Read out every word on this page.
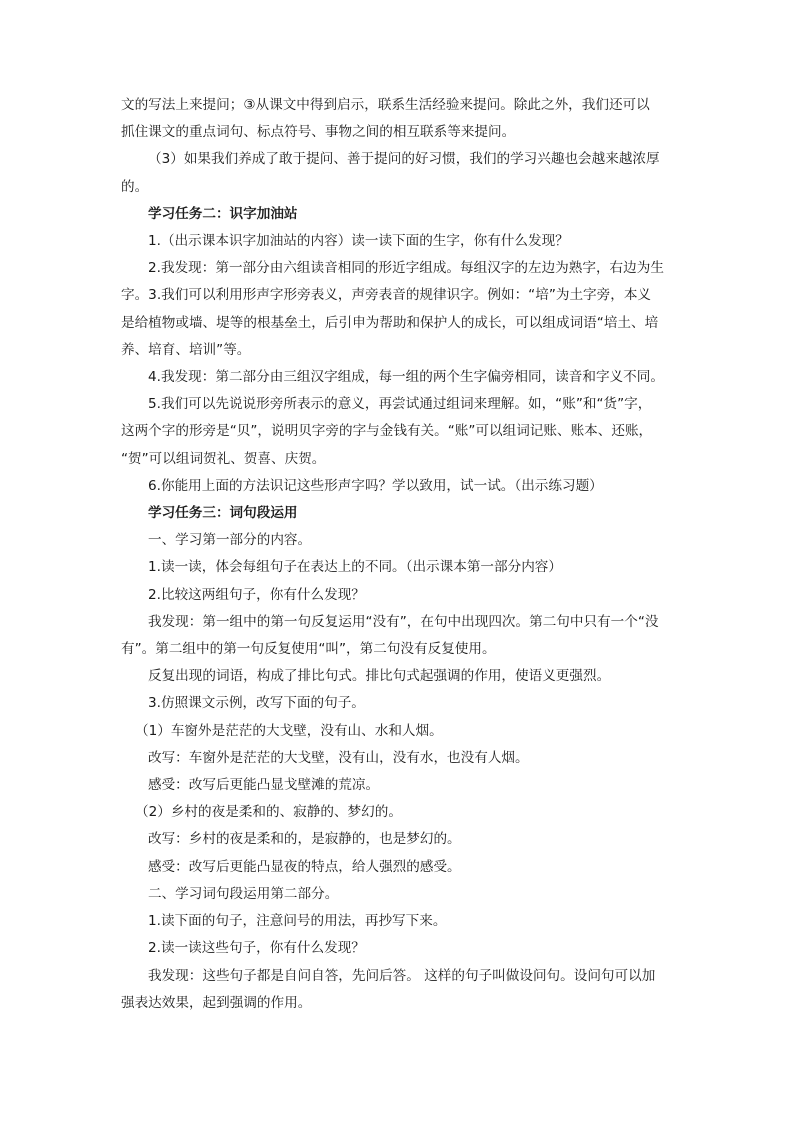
文的写法上来提问；③从课文中得到启示，联系生活经验来提问。除此之外，我们还可以

抓住课文的重点词句、标点符号、事物之间的相互联系等来提问。

（3）如果我们养成了敢于提问、善于提问的好习惯，我们的学习兴趣也会越来越浓厚

的。

学习任务二：识字加油站

1.（出示课本识字加油站的内容）读一读下面的生字，你有什么发现？

2.我发现：第一部分由六组读音相同的形近字组成。每组汉字的左边为熟字，右边为生

字。3.我们可以利用形声字形旁表义，声旁表音的规律识字。例如：“培”为土字旁，本义

是给植物或墙、堤等的根基垒土，后引申为帮助和保护人的成长，可以组成词语“培土、培

养、培育、培训”等。

4.我发现：第二部分由三组汉字组成，每一组的两个生字偏旁相同，读音和字义不同。

5.我们可以先说说形旁所表示的意义，再尝试通过组词来理解。如，“账”和“货”字，

这两个字的形旁是“贝”，说明贝字旁的字与金钱有关。“账”可以组词记账、账本、还账，

“贺”可以组词贺礼、贺喜、庆贺。

6.你能用上面的方法识记这些形声字吗？学以致用，试一试。（出示练习题）

学习任务三：词句段运用

一、学习第一部分的内容。

1.读一读，体会每组句子在表达上的不同。（出示课本第一部分内容）

2.比较这两组句子，你有什么发现？

我发现：第一组中的第一句反复运用“没有”，在句中出现四次。第二句中只有一个“没

有”。第二组中的第一句反复使用“叫”，第二句没有反复使用。

反复出现的词语，构成了排比句式。排比句式起强调的作用，使语义更强烈。

3.仿照课文示例，改写下面的句子。

（1）车窗外是茫茫的大戈壁，没有山、水和人烟。

改写：车窗外是茫茫的大戈壁，没有山，没有水，也没有人烟。

感受：改写后更能凸显戈壁滩的荒凉。

（2）乡村的夜是柔和的、寂静的、梦幻的。

改写：乡村的夜是柔和的，是寂静的，也是梦幻的。

感受：改写后更能凸显夜的特点，给人强烈的感受。

二、学习词句段运用第二部分。

1.读下面的句子，注意问号的用法，再抄写下来。

2.读一读这些句子，你有什么发现？

我发现：这些句子都是自问自答，先问后答。 这样的句子叫做设问句。设问句可以加

强表达效果，起到强调的作用。
